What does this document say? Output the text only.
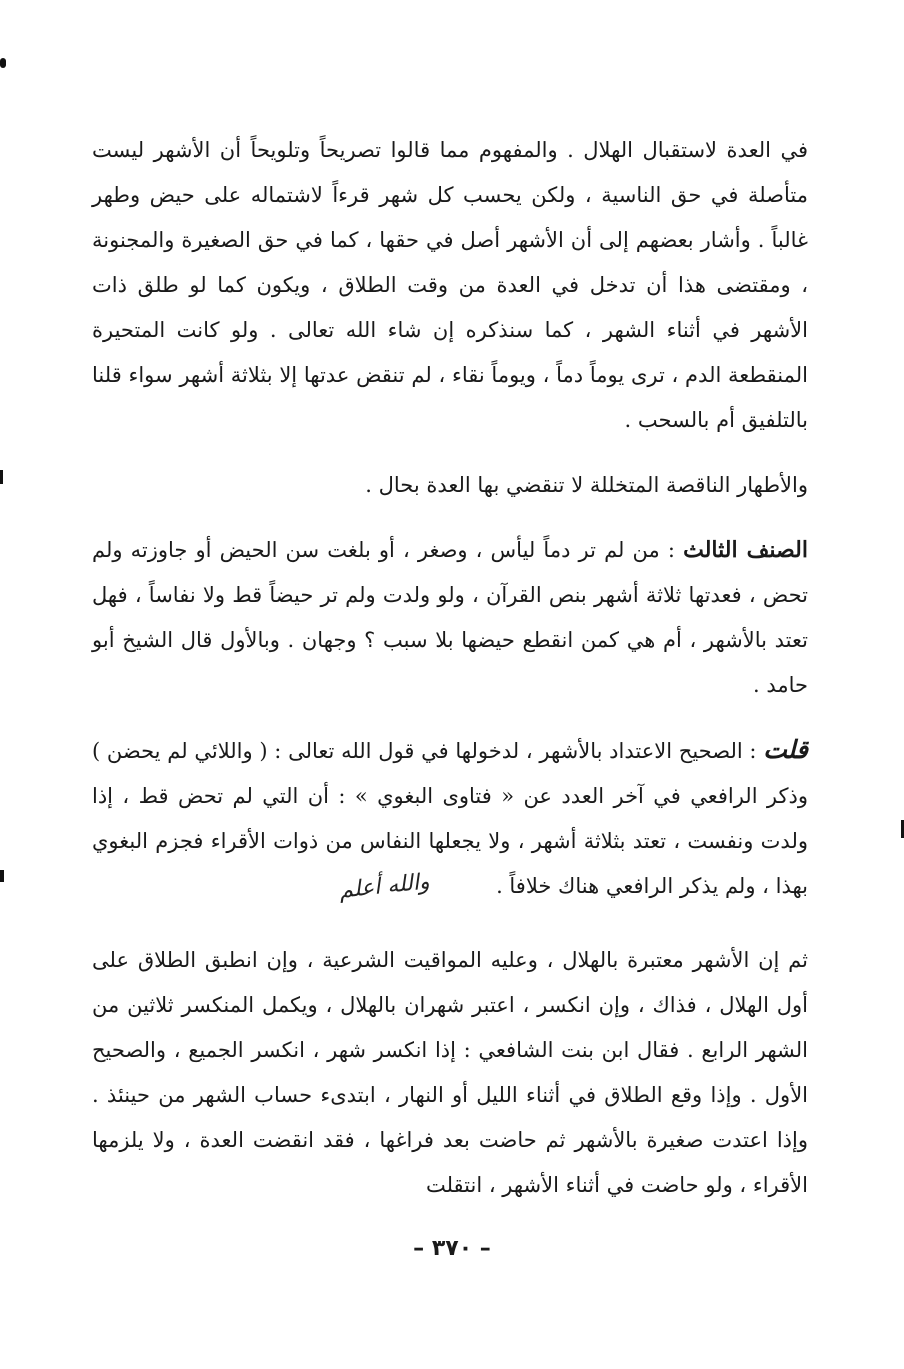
في العدة لاستقبال الهلال . والمفهوم مما قالوا تصريحاً وتلويحاً أن الأشهر ليست متأصلة في حق الناسية ، ولكن يحسب كل شهر قرءاً لاشتماله على حيض وطهر غالباً . وأشار بعضهم إلى أن الأشهر أصل في حقها ، كما في حق الصغيرة والمجنونة ، ومقتضى هذا أن تدخل في العدة من وقت الطلاق ، ويكون كما لو طلق ذات الأشهر في أثناء الشهر ، كما سنذكره إن شاء الله تعالى . ولو كانت المتحيرة المنقطعة الدم ، ترى يوماً دماً ، ويوماً نقاء ، لم تنقض عدتها إلا بثلاثة أشهر سواء قلنا بالتلفيق أم بالسحب .
والأطهار الناقصة المتخللة لا تنقضي بها العدة بحال .
الصنف الثالث : من لم تر دماً ليأس ، وصغر ، أو بلغت سن الحيض أو جاوزته ولم تحض ، فعدتها ثلاثة أشهر بنص القرآن ، ولو ولدت ولم تر حيضاً قط ولا نفاساً ، فهل تعتد بالأشهر ، أم هي كمن انقطع حيضها بلا سبب ؟ وجهان . وبالأول قال الشيخ أبو حامد .
قلت : الصحيح الاعتداد بالأشهر ، لدخولها في قول الله تعالى : ( واللائي لم يحضن ) وذكر الرافعي في آخر العدد عن « فتاوى البغوي » : أن التي لم تحض قط ، إذا ولدت ونفست ، تعتد بثلاثة أشهر ، ولا يجعلها النفاس من ذوات الأقراء فجزم البغوي بهذا ، ولم يذكر الرافعي هناك خلافاً . والله أعلم
ثم إن الأشهر معتبرة بالهلال ، وعليه المواقيت الشرعية ، وإن انطبق الطلاق على أول الهلال ، فذاك ، وإن انكسر ، اعتبر شهران بالهلال ، ويكمل المنكسر ثلاثين من الشهر الرابع . فقال ابن بنت الشافعي : إذا انكسر شهر ، انكسر الجميع ، والصحيح الأول . وإذا وقع الطلاق في أثناء الليل أو النهار ، ابتدىء حساب الشهر من حينئذ . وإذا اعتدت صغيرة بالأشهر ثم حاضت بعد فراغها ، فقد انقضت العدة ، ولا يلزمها الأقراء ، ولو حاضت في أثناء الأشهر ، انتقلت
– ٣٧٠ –
